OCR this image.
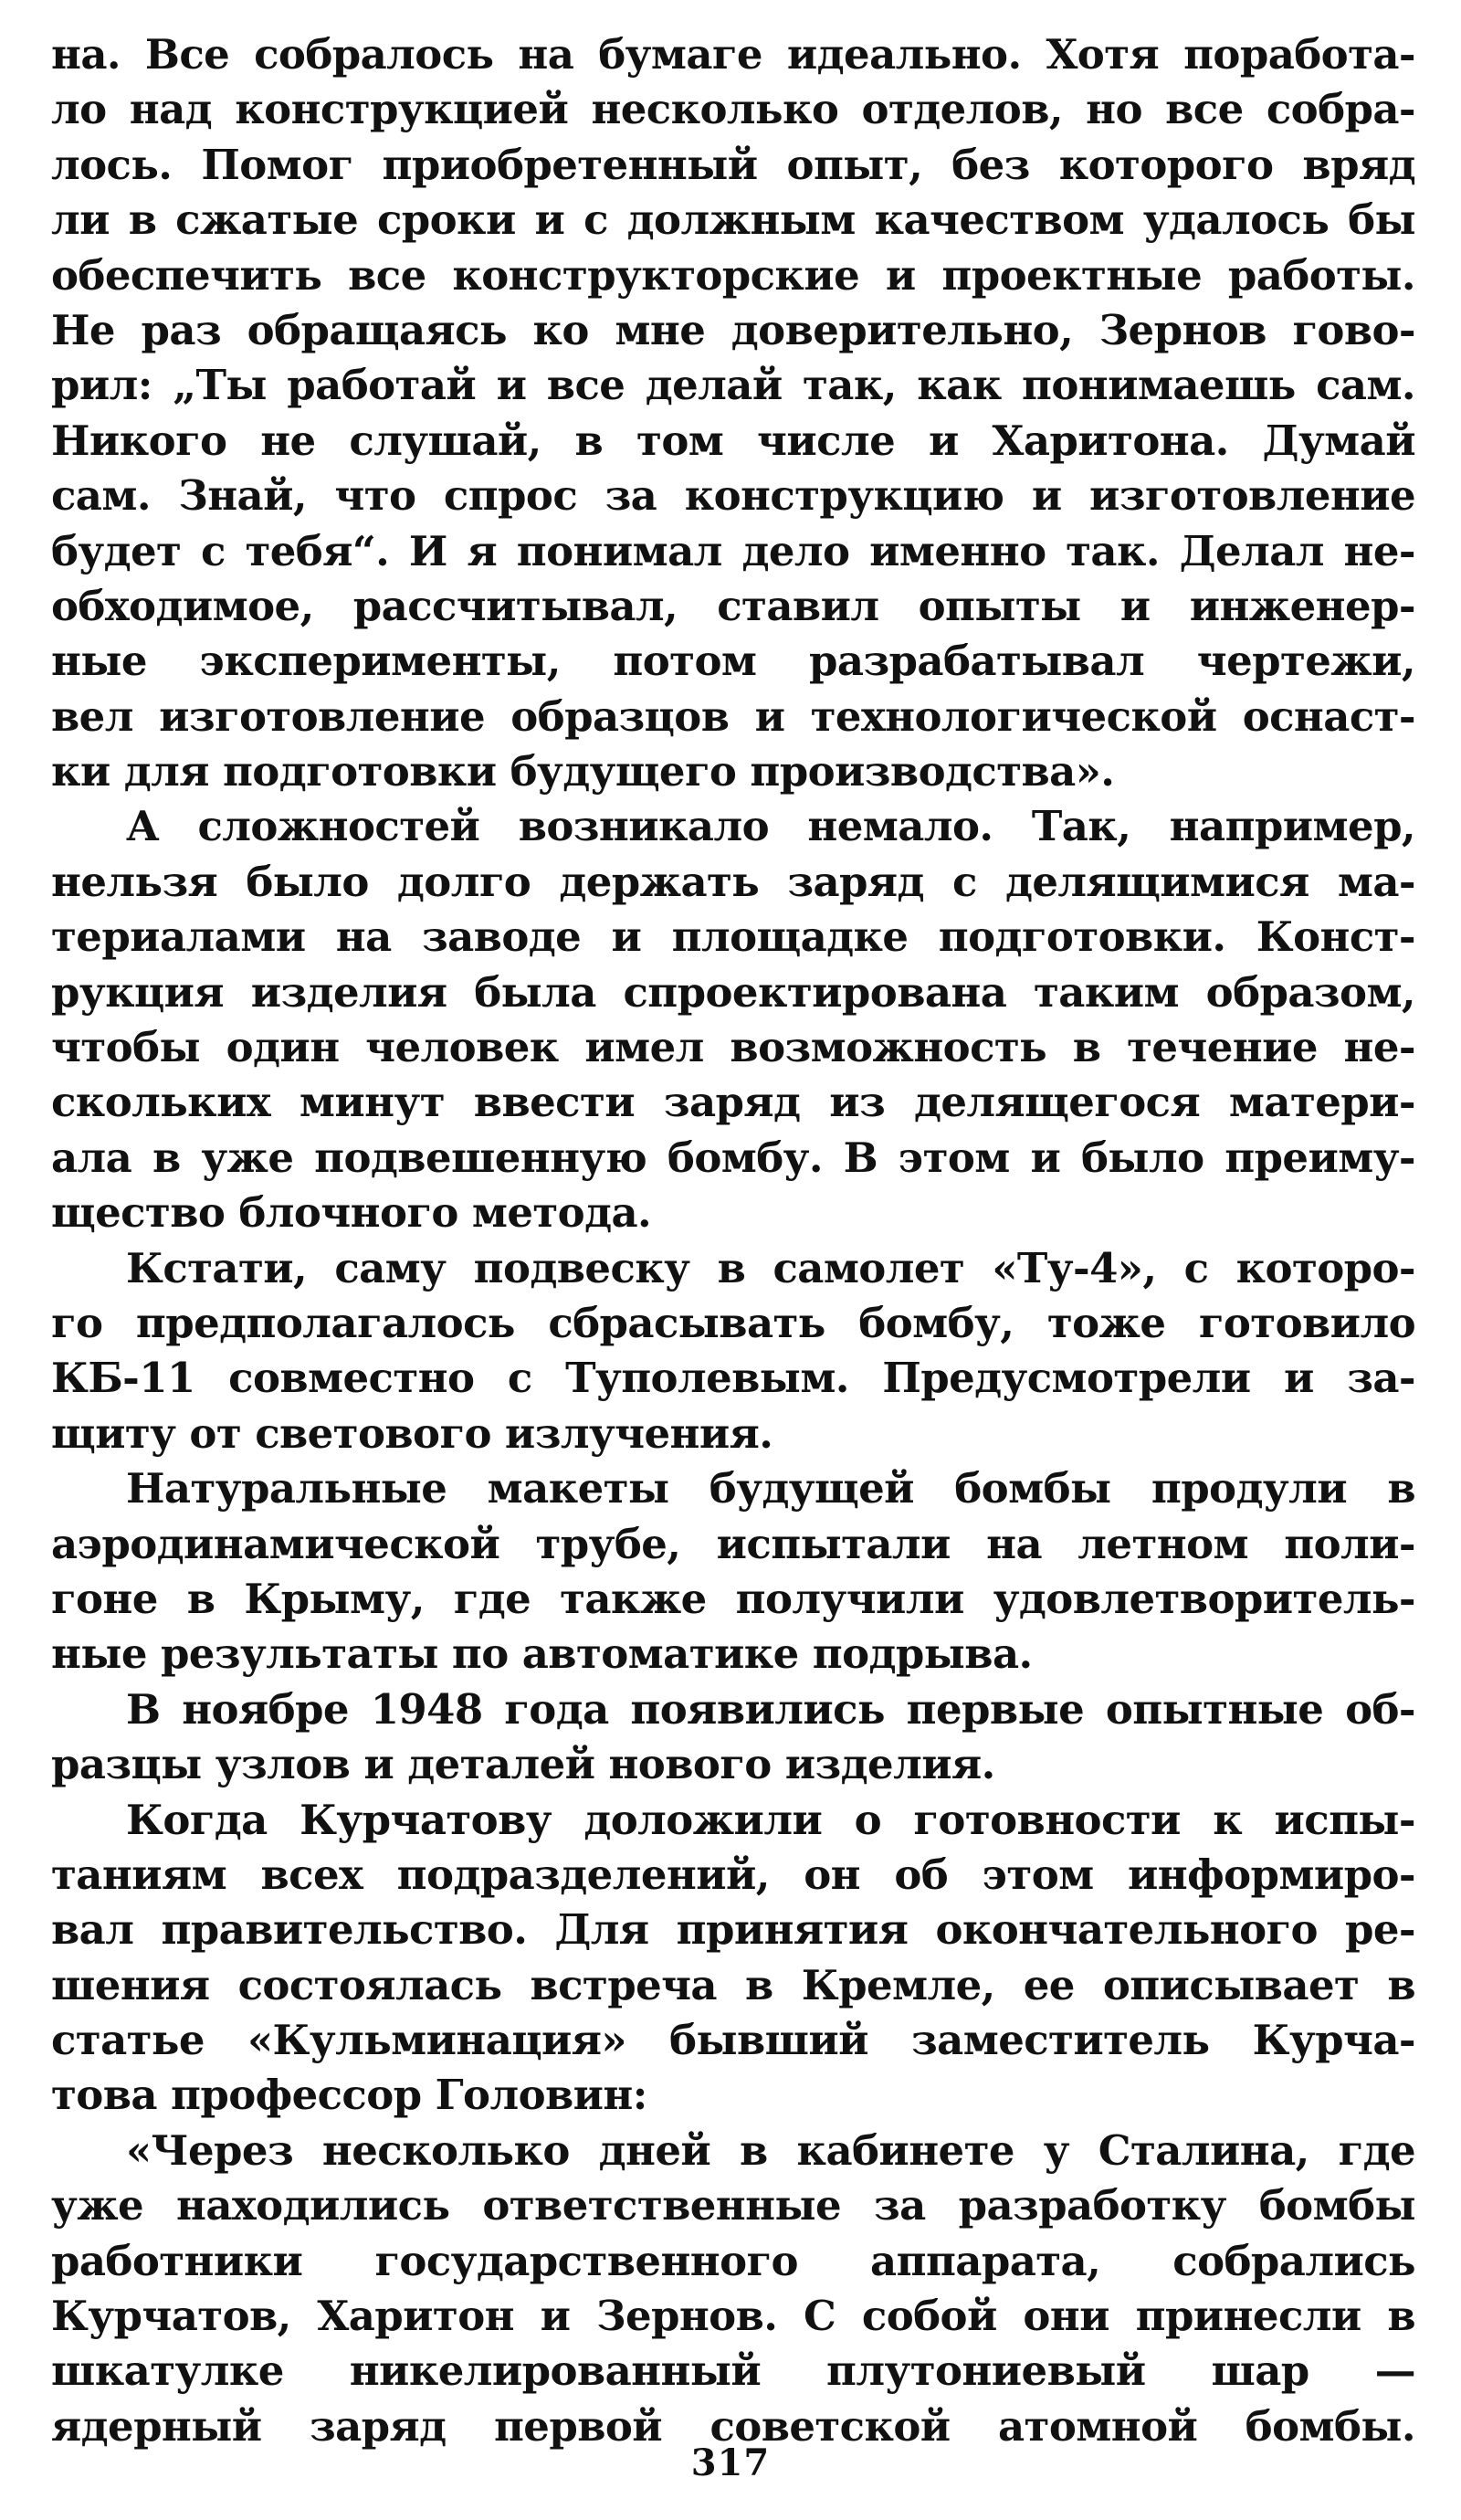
на. Все собралось на бумаге идеально. Хотя поработа-
ло над конструкцией несколько отделов, но все собра-
лось. Помог приобретенный опыт, без которого вряд
ли в сжатые сроки и с должным качеством удалось бы
обеспечить все конструкторские и проектные работы.
Не раз обращаясь ко мне доверительно, Зернов гово-
рил: „Ты работай и все делай так, как понимаешь сам.
Никого не слушай, в том числе и Харитона. Думай
сам. Знай, что спрос за конструкцию и изготовление
будет с тебя“. И я понимал дело именно так. Делал не-
обходимое, рассчитывал, ставил опыты и инженер-
ные эксперименты, потом разрабатывал чертежи,
вел изготовление образцов и технологической оснаст-
ки для подготовки будущего производства».
А сложностей возникало немало. Так, например,
нельзя было долго держать заряд с делящимися ма-
териалами на заводе и площадке подготовки. Конст-
рукция изделия была спроектирована таким образом,
чтобы один человек имел возможность в течение не-
скольких минут ввести заряд из делящегося матери-
ала в уже подвешенную бомбу. В этом и было преиму-
щество блочного метода.
Кстати, саму подвеску в самолет «Ту-4», с которо-
го предполагалось сбрасывать бомбу, тоже готовило
КБ-11 совместно с Туполевым. Предусмотрели и за-
щиту от светового излучения.
Натуральные макеты будущей бомбы продули в
аэродинамической трубе, испытали на летном поли-
гоне в Крыму, где также получили удовлетворитель-
ные результаты по автоматике подрыва.
В ноябре 1948 года появились первые опытные об-
разцы узлов и деталей нового изделия.
Когда Курчатову доложили о готовности к испы-
таниям всех подразделений, он об этом информиро-
вал правительство. Для принятия окончательного ре-
шения состоялась встреча в Кремле, ее описывает в
статье «Кульминация» бывший заместитель Курча-
това профессор Головин:
«Через несколько дней в кабинете у Сталина, где
уже находились ответственные за разработку бомбы
работники государственного аппарата, собрались
Курчатов, Харитон и Зернов. С собой они принесли в
шкатулке никелированный плутониевый шар —
ядерный заряд первой советской атомной бомбы.
317
